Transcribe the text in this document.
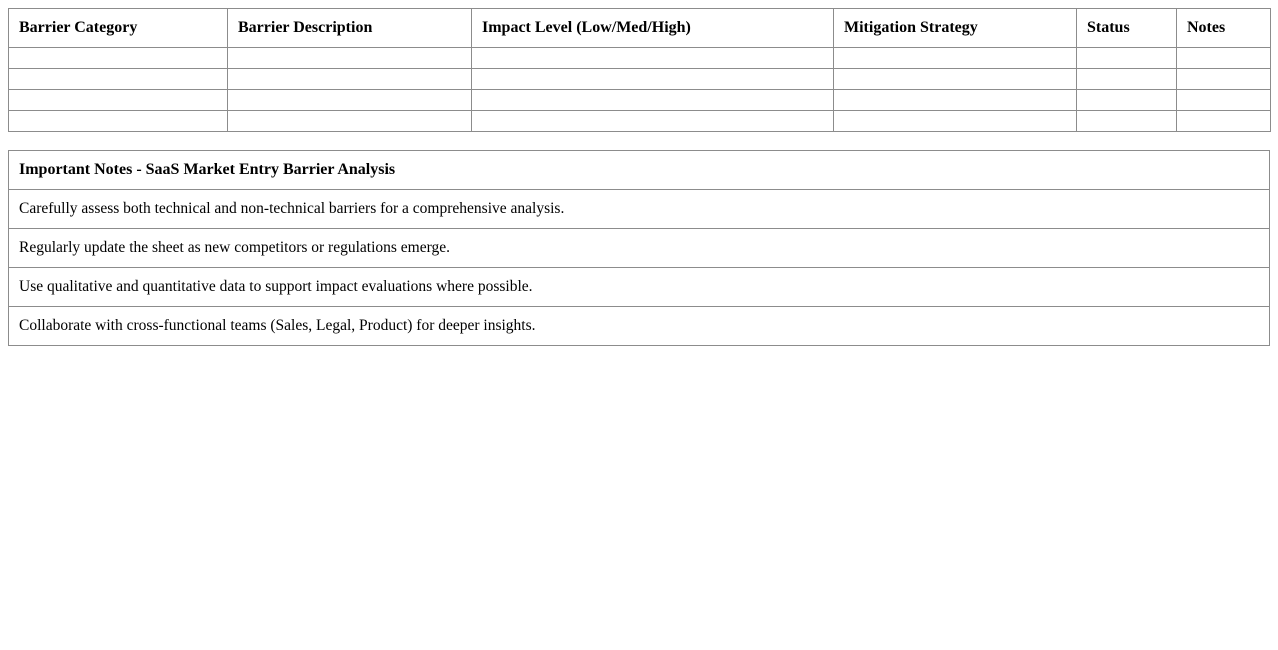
Barrier Category	Barrier Description	Impact Level (Low/Med/High)	Mitigation Strategy	Status	Notes

Important Notes - SaaS Market Entry Barrier Analysis
Carefully assess both technical and non-technical barriers for a comprehensive analysis.
Regularly update the sheet as new competitors or regulations emerge.
Use qualitative and quantitative data to support impact evaluations where possible.
Collaborate with cross-functional teams (Sales, Legal, Product) for deeper insights.
